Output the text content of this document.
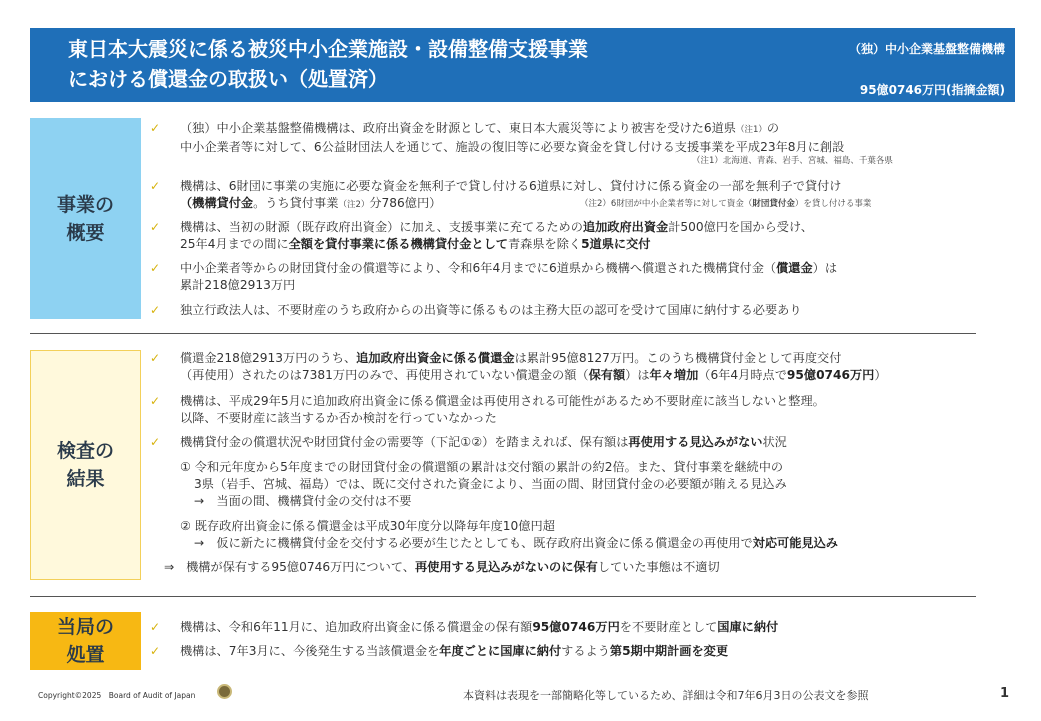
東日本大震災に係る被災中小企業施設・設備整備支援事業
における償還金の取扱い（処置済）
（独）中小企業基盤整備機構
95億0746万円(指摘金額)
事業の
概要
検査の
結果
当局の
処置
✓ （独）中小企業基盤整備機構は、政府出資金を財源として、東日本大震災等により被害を受けた6道県（注1）の
中小企業者等に対して、6公益財団法人を通じて、施設の復旧等に必要な資金を貸し付ける支援事業を平成23年8月に創設
（注1）北海道、青森、岩手、宮城、福島、千葉各県
✓ 機構は、6財団に事業の実施に必要な資金を無利子で貸し付ける6道県に対し、貸付けに係る資金の一部を無利子で貸付け
（機構貸付金。うち貸付事業（注2）分786億円）	（注2）6財団が中小企業者等に対して資金（財団貸付金）を貸し付ける事業
✓ 機構は、当初の財源（既存政府出資金）に加え、支援事業に充てるための追加政府出資金計500億円を国から受け、
25年4月までの間に全額を貸付事業に係る機構貸付金として青森県を除く5道県に交付
✓ 中小企業者等からの財団貸付金の償還等により、令和6年4月までに6道県から機構へ償還された機構貸付金（償還金）は
累計218億2913万円
✓ 独立行政法人は、不要財産のうち政府からの出資等に係るものは主務大臣の認可を受けて国庫に納付する必要あり
✓ 償還金218億2913万円のうち、追加政府出資金に係る償還金は累計95億8127万円。このうち機構貸付金として再度交付
（再使用）されたのは7381万円のみで、再使用されていない償還金の額（保有額）は年々増加（6年4月時点で95億0746万円）
✓ 機構は、平成29年5月に追加政府出資金に係る償還金は再使用される可能性があるため不要財産に該当しないと整理。
以降、不要財産に該当するか否か検討を行っていなかった
✓ 機構貸付金の償還状況や財団貸付金の需要等（下記①②）を踏まえれば、保有額は再使用する見込みがない状況
① 令和元年度から5年度までの財団貸付金の償還額の累計は交付額の累計の約2倍。また、貸付事業を継続中の
3県（岩手、宮城、福島）では、既に交付された資金により、当面の間、財団貸付金の必要額が賄える見込み
→　当面の間、機構貸付金の交付は不要
② 既存政府出資金に係る償還金は平成30年度分以降毎年度10億円超
→　仮に新たに機構貸付金を交付する必要が生じたとしても、既存政府出資金に係る償還金の再使用で対応可能見込み
⇒ 機構が保有する95億0746万円について、再使用する見込みがないのに保有していた事態は不適切
✓ 機構は、令和6年11月に、追加政府出資金に係る償還金の保有額95億0746万円を不要財産として国庫に納付
✓ 機構は、7年3月に、今後発生する当該償還金を年度ごとに国庫に納付するよう第5期中期計画を変更
Copyright©2025　Board of Audit of Japan	本資料は表現を一部簡略化等しているため、詳細は令和7年6月3日の公表文を参照	1
